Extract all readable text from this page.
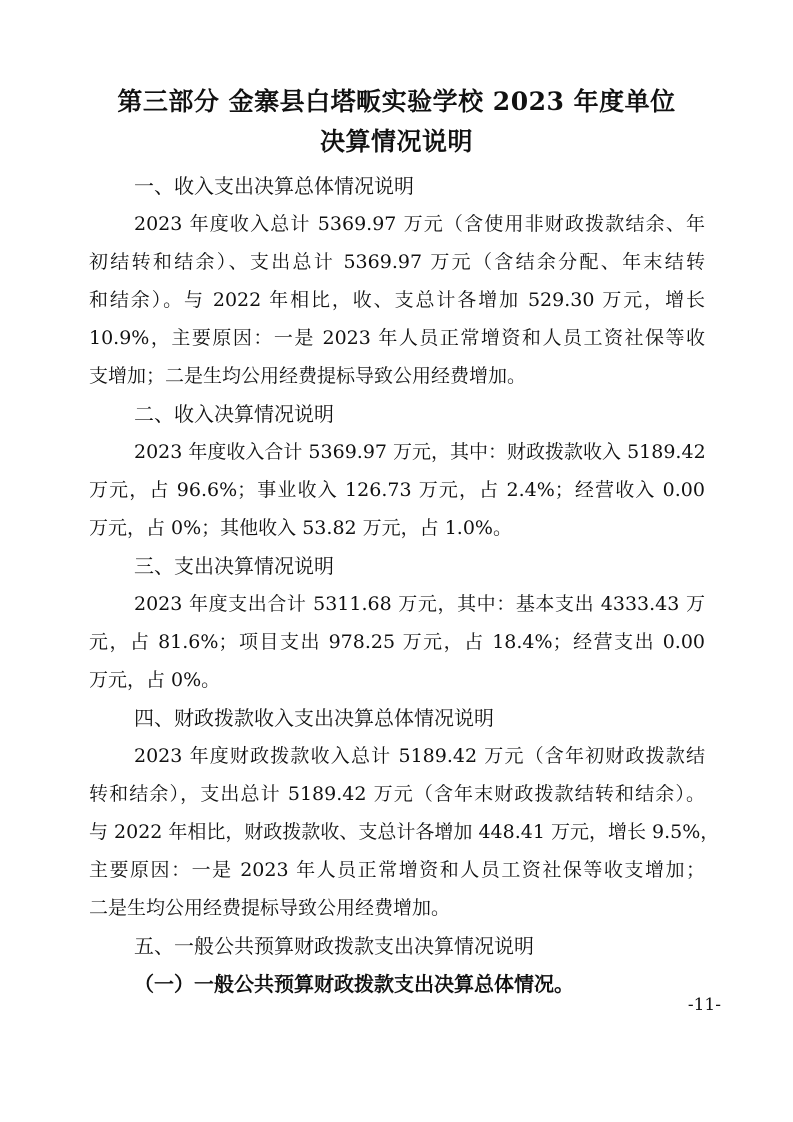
第三部分 金寨县白塔畈实验学校 2023 年度单位
决算情况说明
一、收入支出决算总体情况说明
2023 年度收入总计 5369.97 万元（含使用非财政拨款结余、年
初结转和结余）、支出总计 5369.97 万元（含结余分配、年末结转
和结余）。与 2022 年相比，收、支总计各增加 529.30 万元，增长
10.9%，主要原因：一是 2023 年人员正常增资和人员工资社保等收
支增加；二是生均公用经费提标导致公用经费增加。
二、收入决算情况说明
2023 年度收入合计 5369.97 万元，其中：财政拨款收入 5189.42
万元，占 96.6%；事业收入 126.73 万元，占 2.4%；经营收入 0.00
万元，占 0%；其他收入 53.82 万元，占 1.0%。
三、支出决算情况说明
2023 年度支出合计 5311.68 万元，其中：基本支出 4333.43 万
元，占 81.6%；项目支出 978.25 万元，占 18.4%；经营支出 0.00
万元，占 0%。
四、财政拨款收入支出决算总体情况说明
2023 年度财政拨款收入总计 5189.42 万元（含年初财政拨款结
转和结余），支出总计 5189.42 万元（含年末财政拨款结转和结余）。
与 2022 年相比，财政拨款收、支总计各增加 448.41 万元，增长 9.5%，
主要原因：一是 2023 年人员正常增资和人员工资社保等收支增加；
二是生均公用经费提标导致公用经费增加。
五、一般公共预算财政拨款支出决算情况说明
（一）一般公共预算财政拨款支出决算总体情况。
-11-
